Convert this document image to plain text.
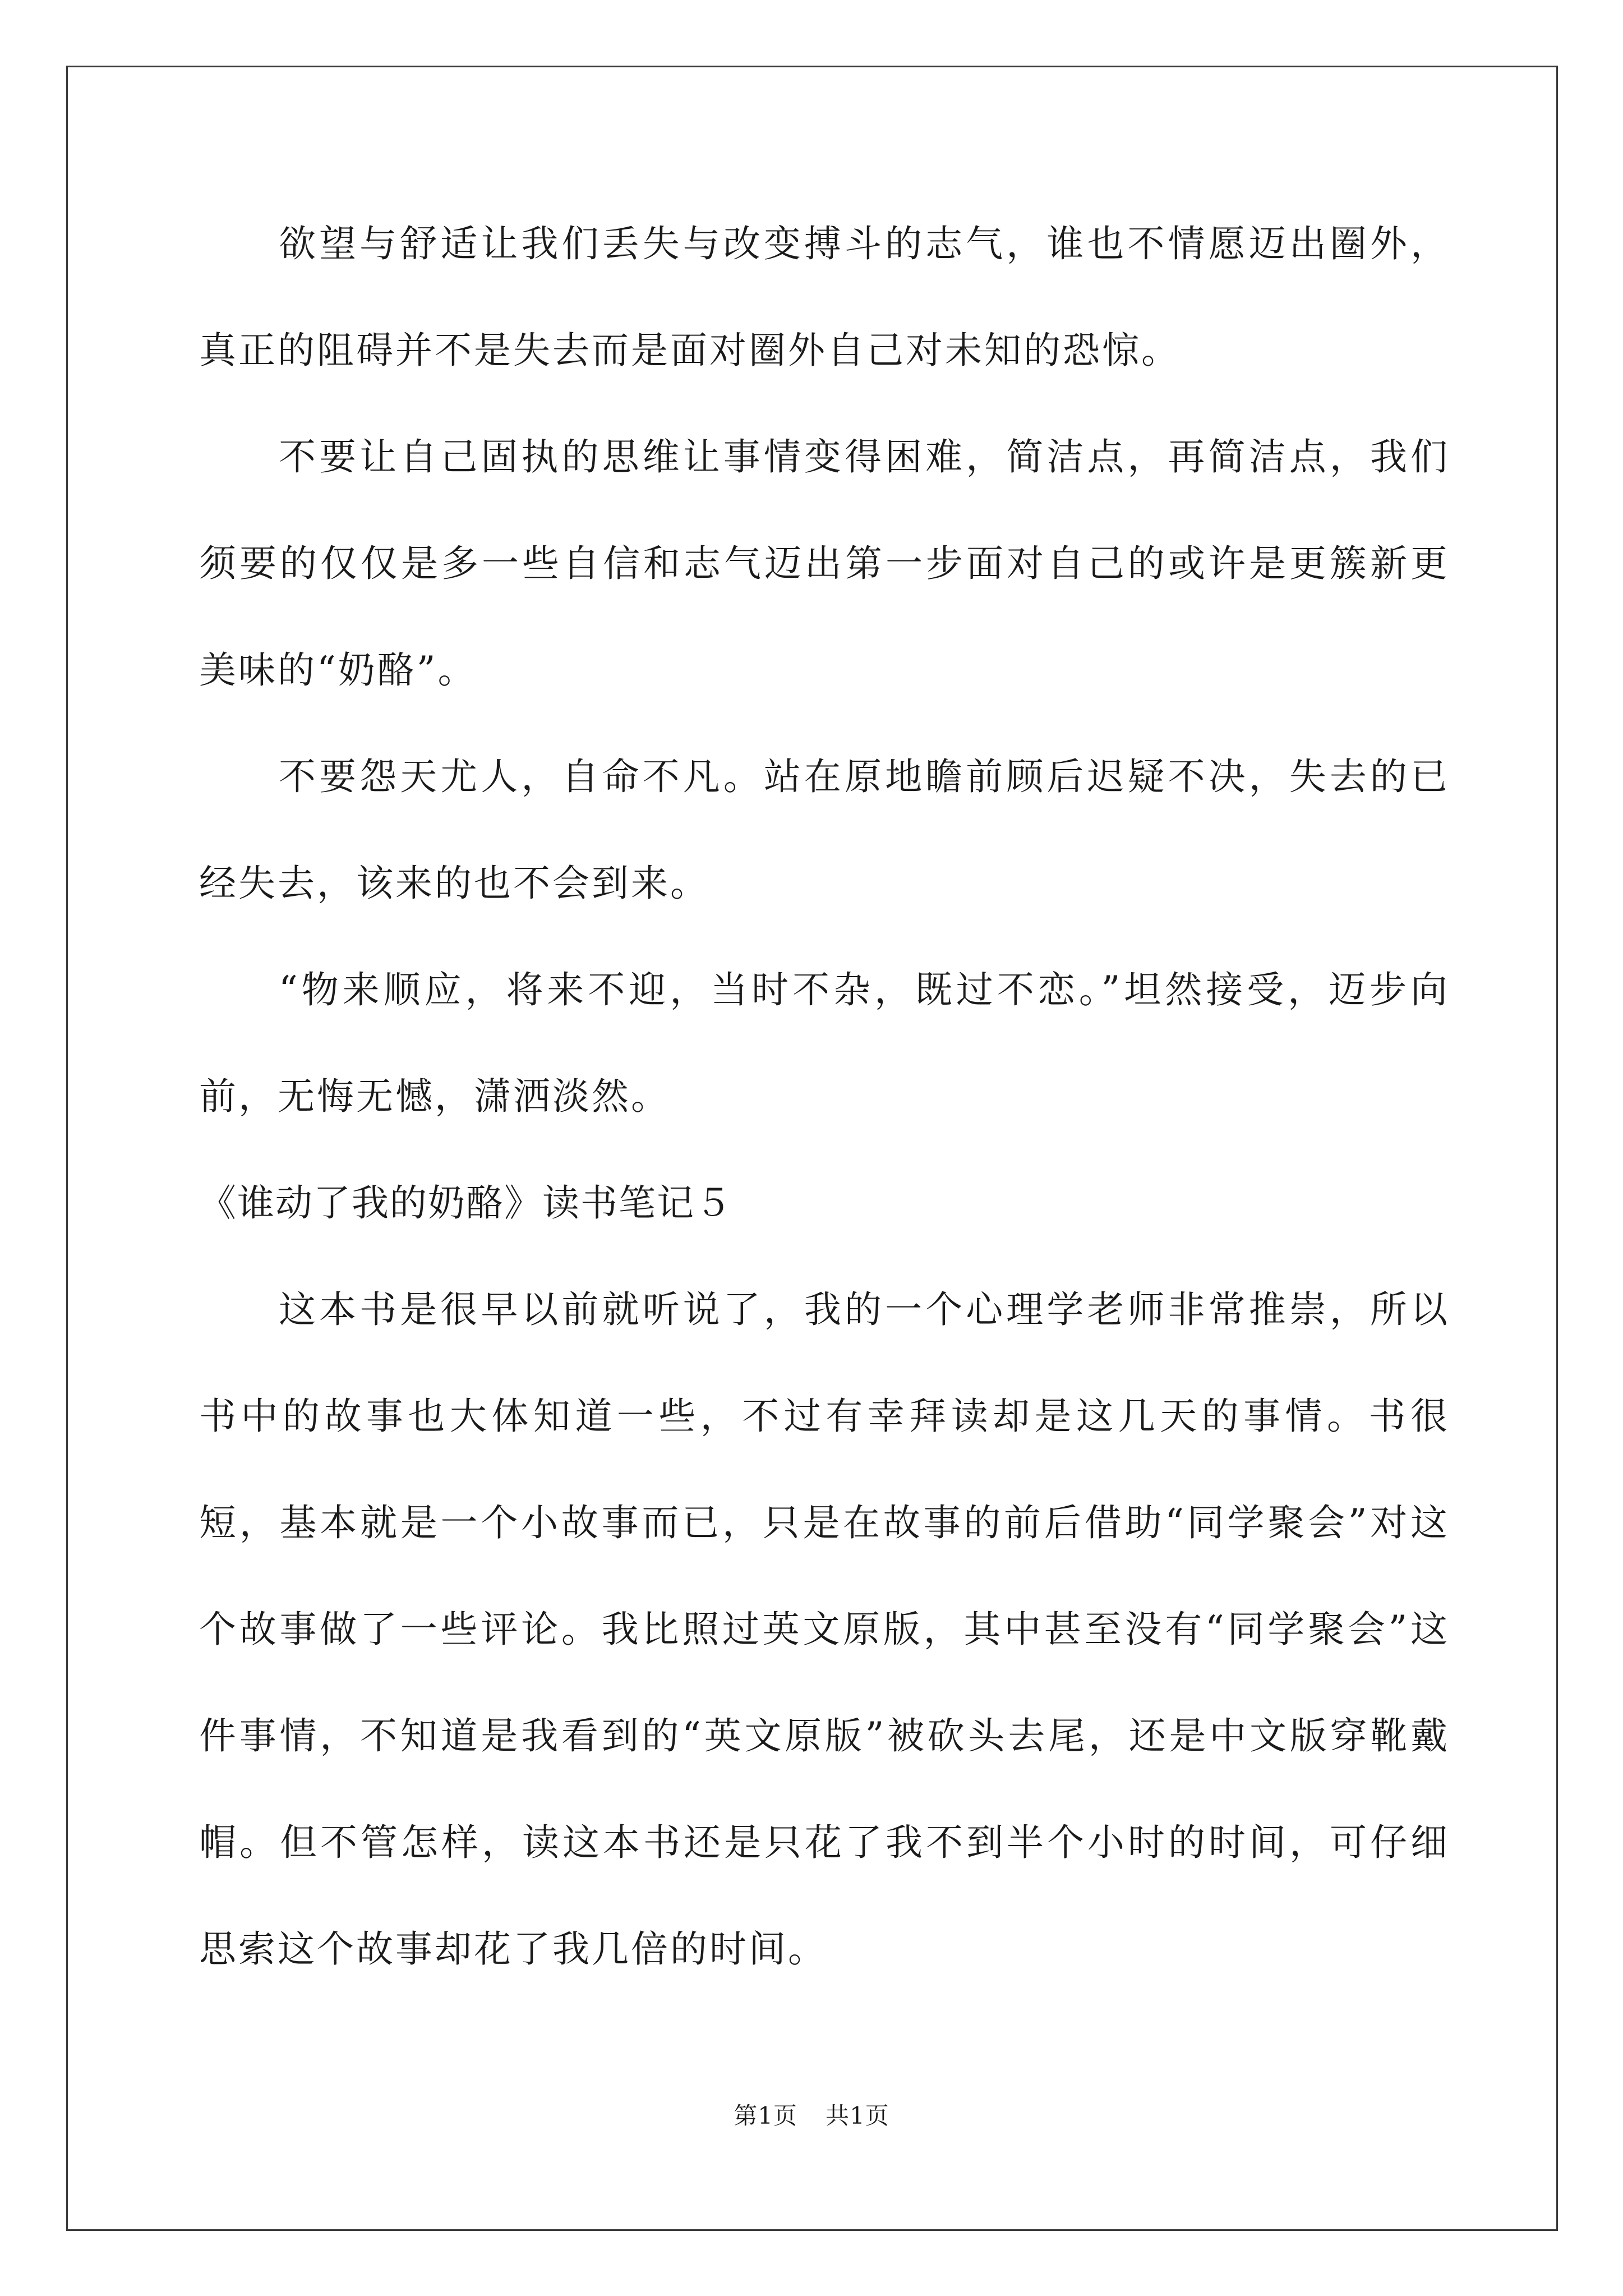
欲望与舒适让我们丢失与改变搏斗的志气，谁也不情愿迈出圈外，真正的阻碍并不是失去而是面对圈外自己对未知的恐惊。

不要让自己固执的思维让事情变得困难，简洁点，再简洁点，我们须要的仅仅是多一些自信和志气迈出第一步面对自己的或许是更簇新更美味的“奶酪”。

不要怨天尤人，自命不凡。站在原地瞻前顾后迟疑不决，失去的已经失去，该来的也不会到来。

“物来顺应，将来不迎，当时不杂，既过不恋。”坦然接受，迈步向前，无悔无憾，潇洒淡然。

《谁动了我的奶酪》读书笔记５

这本书是很早以前就听说了，我的一个心理学老师非常推崇，所以书中的故事也大体知道一些，不过有幸拜读却是这几天的事情。书很短，基本就是一个小故事而已，只是在故事的前后借助“同学聚会”对这个故事做了一些评论。我比照过英文原版，其中甚至没有“同学聚会”这件事情，不知道是我看到的“英文原版”被砍头去尾，还是中文版穿靴戴帽。但不管怎样，读这本书还是只花了我不到半个小时的时间，可仔细思索这个故事却花了我几倍的时间。

第1页 共1页
